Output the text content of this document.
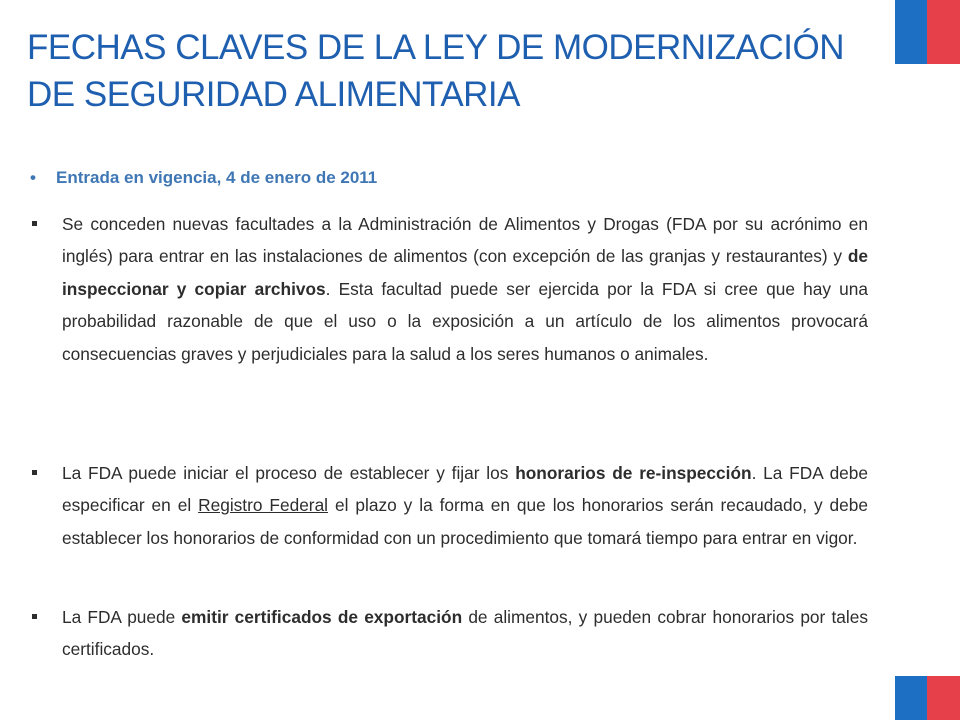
FECHAS CLAVES DE LA LEY DE MODERNIZACIÓN DE SEGURIDAD ALIMENTARIA
• Entrada en vigencia, 4 de enero de 2011
Se conceden nuevas facultades a la Administración de Alimentos y Drogas (FDA por su acrónimo en inglés) para entrar en las instalaciones de alimentos (con excepción de las granjas y restaurantes) y de inspeccionar y copiar archivos. Esta facultad puede ser ejercida por la FDA si cree que hay una probabilidad razonable de que el uso o la exposición a un artículo de los alimentos provocará consecuencias graves y perjudiciales para la salud a los seres humanos o animales.
La FDA puede iniciar el proceso de establecer y fijar los honorarios de re-inspección. La FDA debe especificar en el Registro Federal el plazo y la forma en que los honorarios serán recaudado, y debe establecer los honorarios de conformidad con un procedimiento que tomará tiempo para entrar en vigor.
La FDA puede emitir certificados de exportación de alimentos, y pueden cobrar honorarios por tales certificados.
